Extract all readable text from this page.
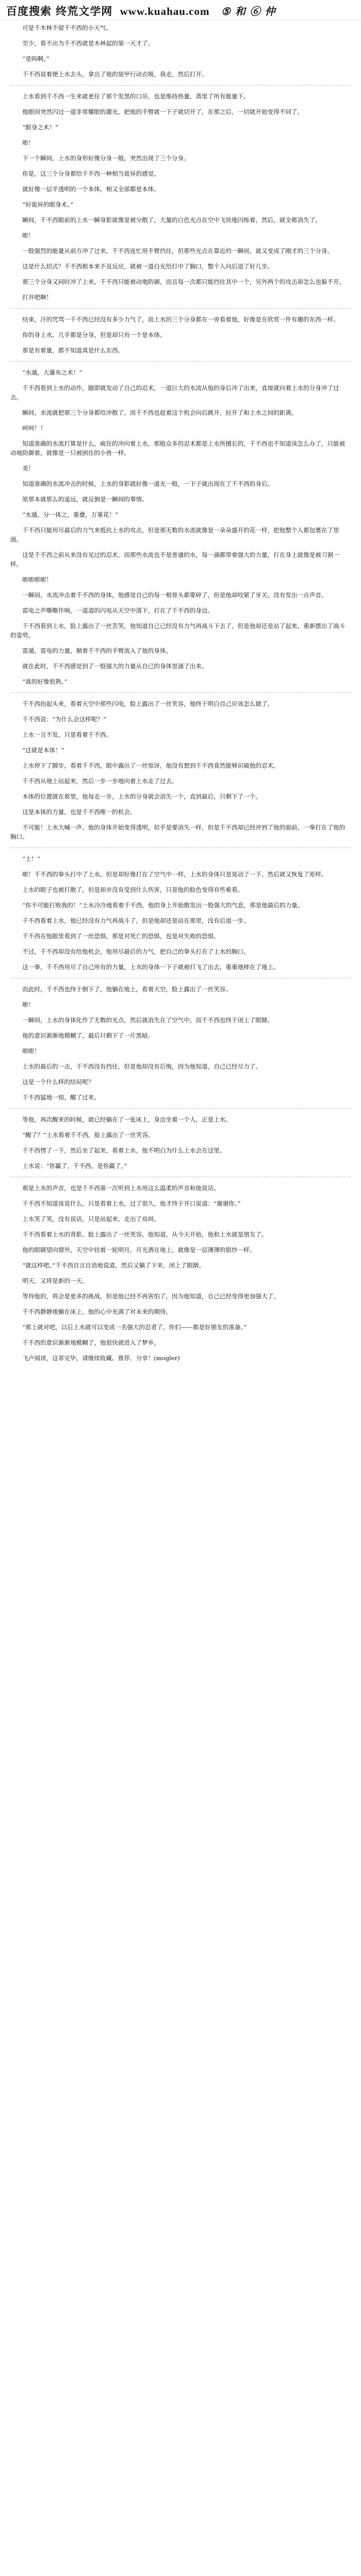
百度搜索 终荒文学网 www.kuahau.com ⑤ 和 ⑥ 仲

可是千木林不留千不西的小天气。

至少，看不出为千不西就是木林起的第一天才了。

“是吗啊。”

千不西说着便上水去头，拿出了他的装甲行动衣吸，我走，然后打开。

上水看到千不西一生来就更住了那个发黑的口吊，也是维持热量，蒸里了所有能量下。

他眼间突然闪过一道非常耀眼的激光，把他的手臂就一下子就切开了，在那之后，一切就开始变得不同了。

“眼身之术！”

嘭！

下一个瞬间，上水的身形好像分身一般，突然出现了三个分身。

你是，这三个分身都给千不西一种相当诡异的感觉。

就好像一层半透明的一个本体，相又全部都是本体。

“好诡异的眼身术。”

瞬间，千不西眼前的上水一瞬身影就像是被分散了，大量的白色光点在空中飞快地闪烁着，然后，就全都消失了。

嘭！

一股强烈的能量从前方冲了过来，千不西连忙用手臂挡住，但那些光点在靠近的一瞬间，就又变成了刚才的三个分身。

这是什么招式？千不西根本来不及反应，就被一道白光给打中了胸口，整个人向后退了好几步。

那三个分身又同时冲了上来，千不西只能被动地防御，而且每一次都只能挡住其中一个，另外两个的攻击却怎么也躲不开。

打开吧啊！

结束，汗的咒骂一千不西已经没有多少力气了，而上水的三个分身都在一旁看着他，好像是在欣赏一件有趣的东西一样。

你的身上水，几乎都是分身，但是却只有一个是本体。

那是有着量，都不知道真是什么东西。

“水遁，大瀑布之术！”

千不西看到上水的动作，随即就发动了自己的忍术，一道巨大的水流从他的身后冲了出来，直接就向着上水的分身冲了过去。

瞬间，水流就把那三个分身都给冲散了，而千不西也趁着这个机会向后跳开，拉开了和上水之间的距离。

呵呵！！

知道准确的水流打算是什么，疯狂的冲向着上水，那般众多的忍术都是上水所擅长的，千不西也不知道该怎么办了，只能被动地防御着，就像是一只被困住的小兽一样。

美！

知道准确的水流冲击的时候，上水的身影就好像一道光一般，一下子就出现在了千不西的身后。

原那本就那么的遥远，就反倒是一瞬间的事情。

“水遁，分一体之，重叠，万重花！”

千不西只能用尽最后的力气来抵抗上水的攻击，但是那无数的水流就像是一朵朵盛开的花一样，把他整个人都包裹在了里面。

这是千不西之前从来没有见过的忍术，而那些水流也不是普通的水，每一滴都带着强大的力量，打在身上就像是被刀割一样。

嘭嘭嘭嘭！

一瞬间，水流冲击着千不西的身体，他感觉自己的每一根骨头都要碎了，但是他却咬紧了牙关，没有发出一点声音。

雷电之声嘶嘶作响，一道道的闪电从天空中落下，打在了千不西的身边。

千不西看到上水，脸上露出了一丝苦笑，他知道自己已经没有力气再战斗下去了，但是他却还是站了起来，重新摆出了战斗的姿势。

雷遁，雷电的力量，顺着千不西的手臂流入了他的身体。

就在此时，千不西感觉到了一股强大的力量从自己的身体里涌了出来。

“真的好像很熟。”

千不西抬起头来，看着天空中那些闪电，脸上露出了一丝笑容，他终于明白自己应该怎么做了。

千不西说：“为什么会这样呢？”

上水一言不发，只是看着千不西。

“这就是本体！”

上水停下了脚步，看着千不西，眼中露出了一丝惊讶，他没有想到千不西竟然能够识破他的忍术。

千不西从地上站起来，然后一步一步地向着上水走了过去。

本体的位置就在那里，他每走一步，上水的分身就会消失一个，直到最后，只剩下了一个。

这是本体的力量，也是千不西唯一的机会。

不可能！上水大喊一声，他的身体开始变得透明，似乎是要消失一样，但是千不西却已经冲到了他的面前，一拳打在了他的胸口。

“上！”

嘭！千不西的拳头打中了上水，但是却好像打在了空气中一样，上水的身体只是晃动了一下，然后就又恢复了原样。

上水的眼子也被打散了，但是却并没有受到什么伤害，只是他的脸色变得有些难看。

“你不可能打败我的！”上水冷冷地看着千不西，他的身上开始散发出一股强大的气息，那是他最后的力量。

千不西看着上水，他已经没有力气再战斗了，但是他却还是站在那里，没有后退一步。

千不西在他眼里看到了一丝恐惧，那是对死亡的恐惧，也是对失败的恐惧。

不过，千不西却没有给他机会，他用尽最后的力气，把自己的拳头打在了上水的胸口。

这一拳，千不西用尽了自己所有的力量，上水的身体一下子就被打飞了出去，重重地摔在了地上。

而此时，千不西也终于倒下了，他躺在地上，看着天空，脸上露出了一丝笑容。

嘭！

一瞬间，上水的身体化作了无数的光点，然后就消失在了空气中，而千不西也终于闭上了眼睛。

他的意识渐渐地模糊了，最后只剩下了一片黑暗。

嘭嘭！

上水的最后的一击，千不西没有挡住，但是他却没有后悔，因为他知道，自己已经尽力了。

这是一个什么样的结局呢？

千不西猛地一惊，醒了过来。

等他，再次醒来的时候，就已经躺在了一张床上，身边坐着一个人，正是上水。

“醒了？”上水看着千不西，脸上露出了一丝笑容。

千不西愣了一下，然后坐了起来，看着上水，他不明白为什么上水会在这里。

上水说：“你赢了，千不西，是你赢了。”

那是上水的声音，也是千不西第一次听到上水用这么温柔的声音和他说话。

千不西不知道该说什么，只是看着上水，过了很久，他才终于开口说道：“谢谢你。”

上水笑了笑，没有说话，只是站起来，走出了房间。

千不西看着上水的背影，脸上露出了一丝笑容，他知道，从今天开始，他和上水就是朋友了。

他的眼睛望向窗外，天空中挂着一轮明月，月光洒在地上，就像是一层薄薄的银纱一样。

“就这样吧。”千不西自言自语地说道，然后又躺了下来，闭上了眼睛。

明天，又将是新的一天。

等待他的，将会是更多的挑战，但是他已经不再害怕了，因为他知道，自己已经变得更加强大了。

千不西静静地躺在床上，他的心中充满了对未来的期待。

“那上就对吧，以后上水就可以变成一名强大的忍者了，你们——都是好朋友的准备。”

千不西的意识渐渐地模糊了，他很快就进入了梦乡。

飞卢阅读，这章完毕，请继续收藏、推荐、分享！(mogler)
